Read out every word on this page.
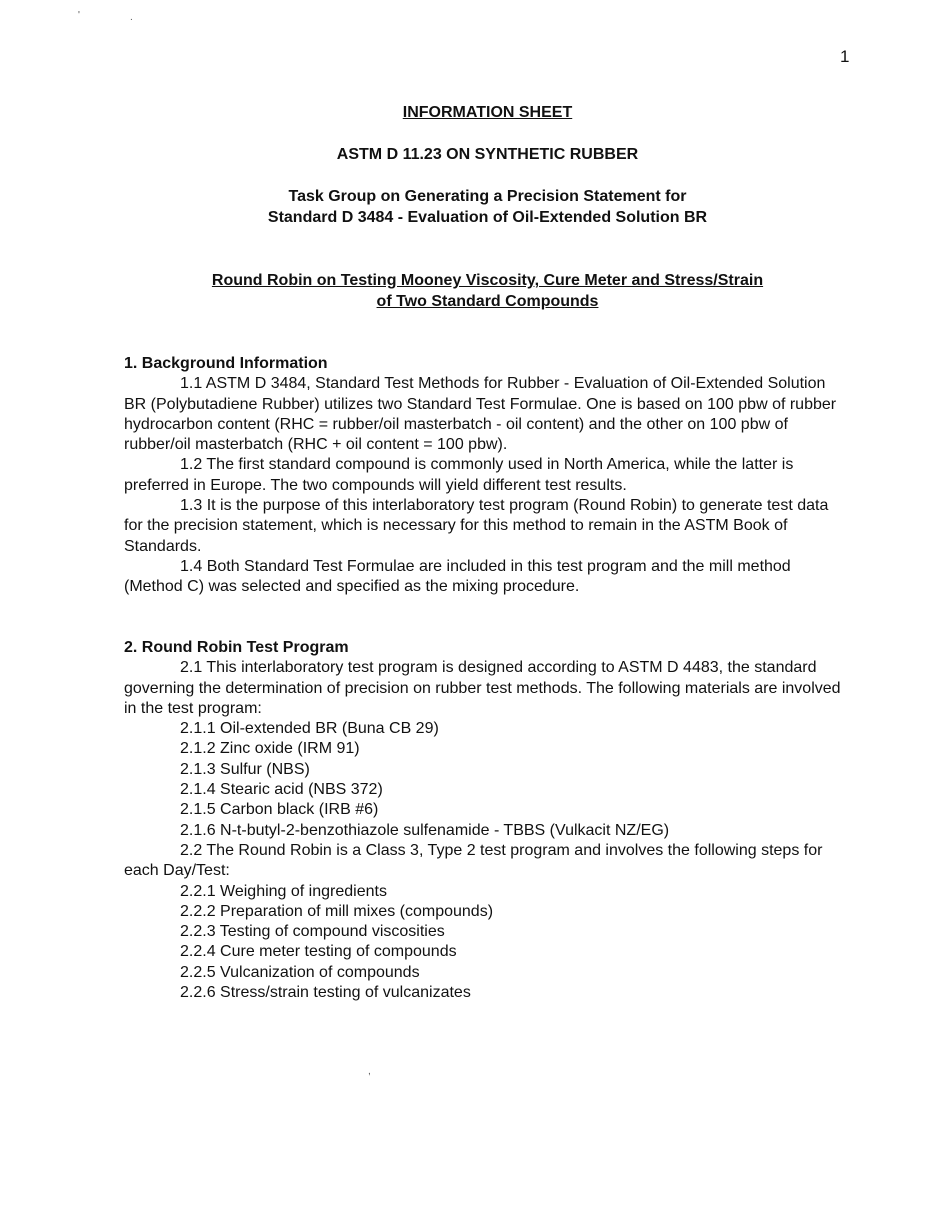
'	.
1
INFORMATION SHEET
ASTM D 11.23 ON SYNTHETIC RUBBER
Task Group on Generating a Precision Statement for
Standard D 3484 - Evaluation of Oil-Extended Solution BR
Round Robin on Testing Mooney Viscosity, Cure Meter and Stress/Strain
of Two Standard Compounds
1. Background Information

1.1 ASTM D 3484, Standard Test Methods for Rubber - Evaluation of Oil-Extended Solution BR (Polybutadiene Rubber) utilizes two Standard Test Formulae. One is based on 100 pbw of rubber hydrocarbon content (RHC = rubber/oil masterbatch - oil content) and the other on 100 pbw of rubber/oil masterbatch (RHC + oil content = 100 pbw).

1.2 The first standard compound is commonly used in North America, while the latter is preferred in Europe. The two compounds will yield different test results.

1.3 It is the purpose of this interlaboratory test program (Round Robin) to generate test data for the precision statement, which is necessary for this method to remain in the ASTM Book of Standards.

1.4 Both Standard Test Formulae are included in this test program and the mill method (Method C) was selected and specified as the mixing procedure.

2. Round Robin Test Program

2.1 This interlaboratory test program is designed according to ASTM D 4483, the standard governing the determination of precision on rubber test methods. The following materials are involved in the test program:

2.1.1 Oil-extended BR (Buna CB 29)
2.1.2 Zinc oxide (IRM 91)
2.1.3 Sulfur (NBS)
2.1.4 Stearic acid (NBS 372)
2.1.5 Carbon black (IRB #6)
2.1.6 N-t-butyl-2-benzothiazole sulfenamide - TBBS (Vulkacit NZ/EG)

2.2 The Round Robin is a Class 3, Type 2 test program and involves the following steps for each Day/Test:

2.2.1 Weighing of ingredients
2.2.2 Preparation of mill mixes (compounds)
2.2.3 Testing of compound viscosities
2.2.4 Cure meter testing of compounds
2.2.5 Vulcanization of compounds
2.2.6 Stress/strain testing of vulcanizates
,
